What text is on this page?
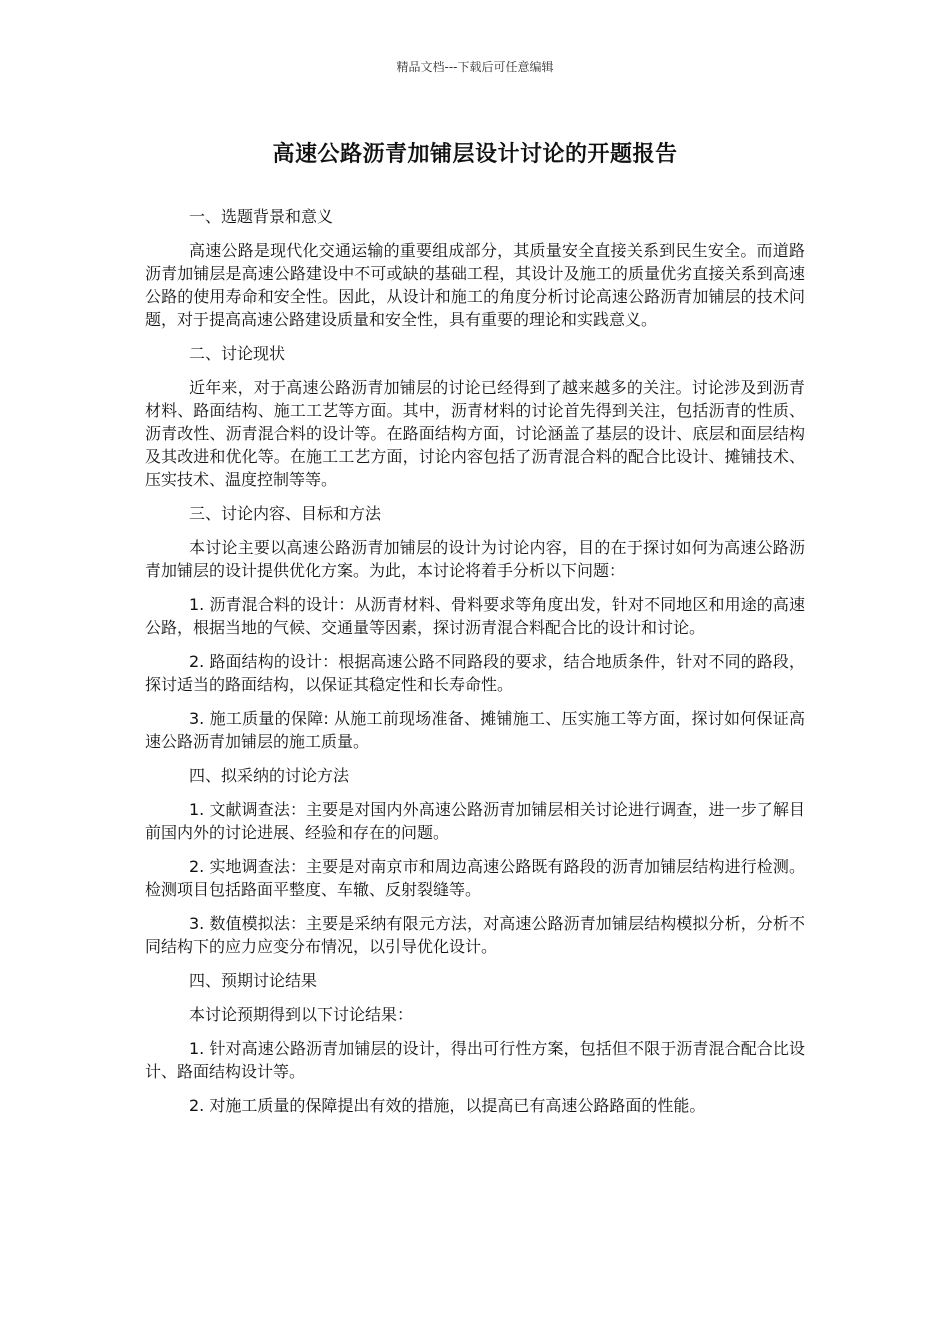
精品文档---下载后可任意编辑
高速公路沥青加铺层设计讨论的开题报告

一、选题背景和意义

高速公路是现代化交通运输的重要组成部分，其质量安全直接关系到民生安全。而道路沥青加铺层是高速公路建设中不可或缺的基础工程，其设计及施工的质量优劣直接关系到高速公路的使用寿命和安全性。因此，从设计和施工的角度分析讨论高速公路沥青加铺层的技术问题，对于提高高速公路建设质量和安全性，具有重要的理论和实践意义。

二、讨论现状

近年来，对于高速公路沥青加铺层的讨论已经得到了越来越多的关注。讨论涉及到沥青材料、路面结构、施工工艺等方面。其中，沥青材料的讨论首先得到关注，包括沥青的性质、沥青改性、沥青混合料的设计等。在路面结构方面，讨论涵盖了基层的设计、底层和面层结构及其改进和优化等。在施工工艺方面，讨论内容包括了沥青混合料的配合比设计、摊铺技术、压实技术、温度控制等等。

三、讨论内容、目标和方法

本讨论主要以高速公路沥青加铺层的设计为讨论内容，目的在于探讨如何为高速公路沥青加铺层的设计提供优化方案。为此，本讨论将着手分析以下问题：

1. 沥青混合料的设计：从沥青材料、骨料要求等角度出发，针对不同地区和用途的高速公路，根据当地的气候、交通量等因素，探讨沥青混合料配合比的设计和讨论。

2. 路面结构的设计：根据高速公路不同路段的要求，结合地质条件，针对不同的路段，探讨适当的路面结构，以保证其稳定性和长寿命性。

3. 施工质量的保障: 从施工前现场准备、摊铺施工、压实施工等方面，探讨如何保证高速公路沥青加铺层的施工质量。

四、拟采纳的讨论方法

1. 文献调查法：主要是对国内外高速公路沥青加铺层相关讨论进行调查，进一步了解目前国内外的讨论进展、经验和存在的问题。

2. 实地调查法：主要是对南京市和周边高速公路既有路段的沥青加铺层结构进行检测。检测项目包括路面平整度、车辙、反射裂缝等。

3. 数值模拟法：主要是采纳有限元方法，对高速公路沥青加铺层结构模拟分析，分析不同结构下的应力应变分布情况，以引导优化设计。

四、预期讨论结果

本讨论预期得到以下讨论结果：

1. 针对高速公路沥青加铺层的设计，得出可行性方案，包括但不限于沥青混合配合比设计、路面结构设计等。

2. 对施工质量的保障提出有效的措施，以提高已有高速公路路面的性能。
